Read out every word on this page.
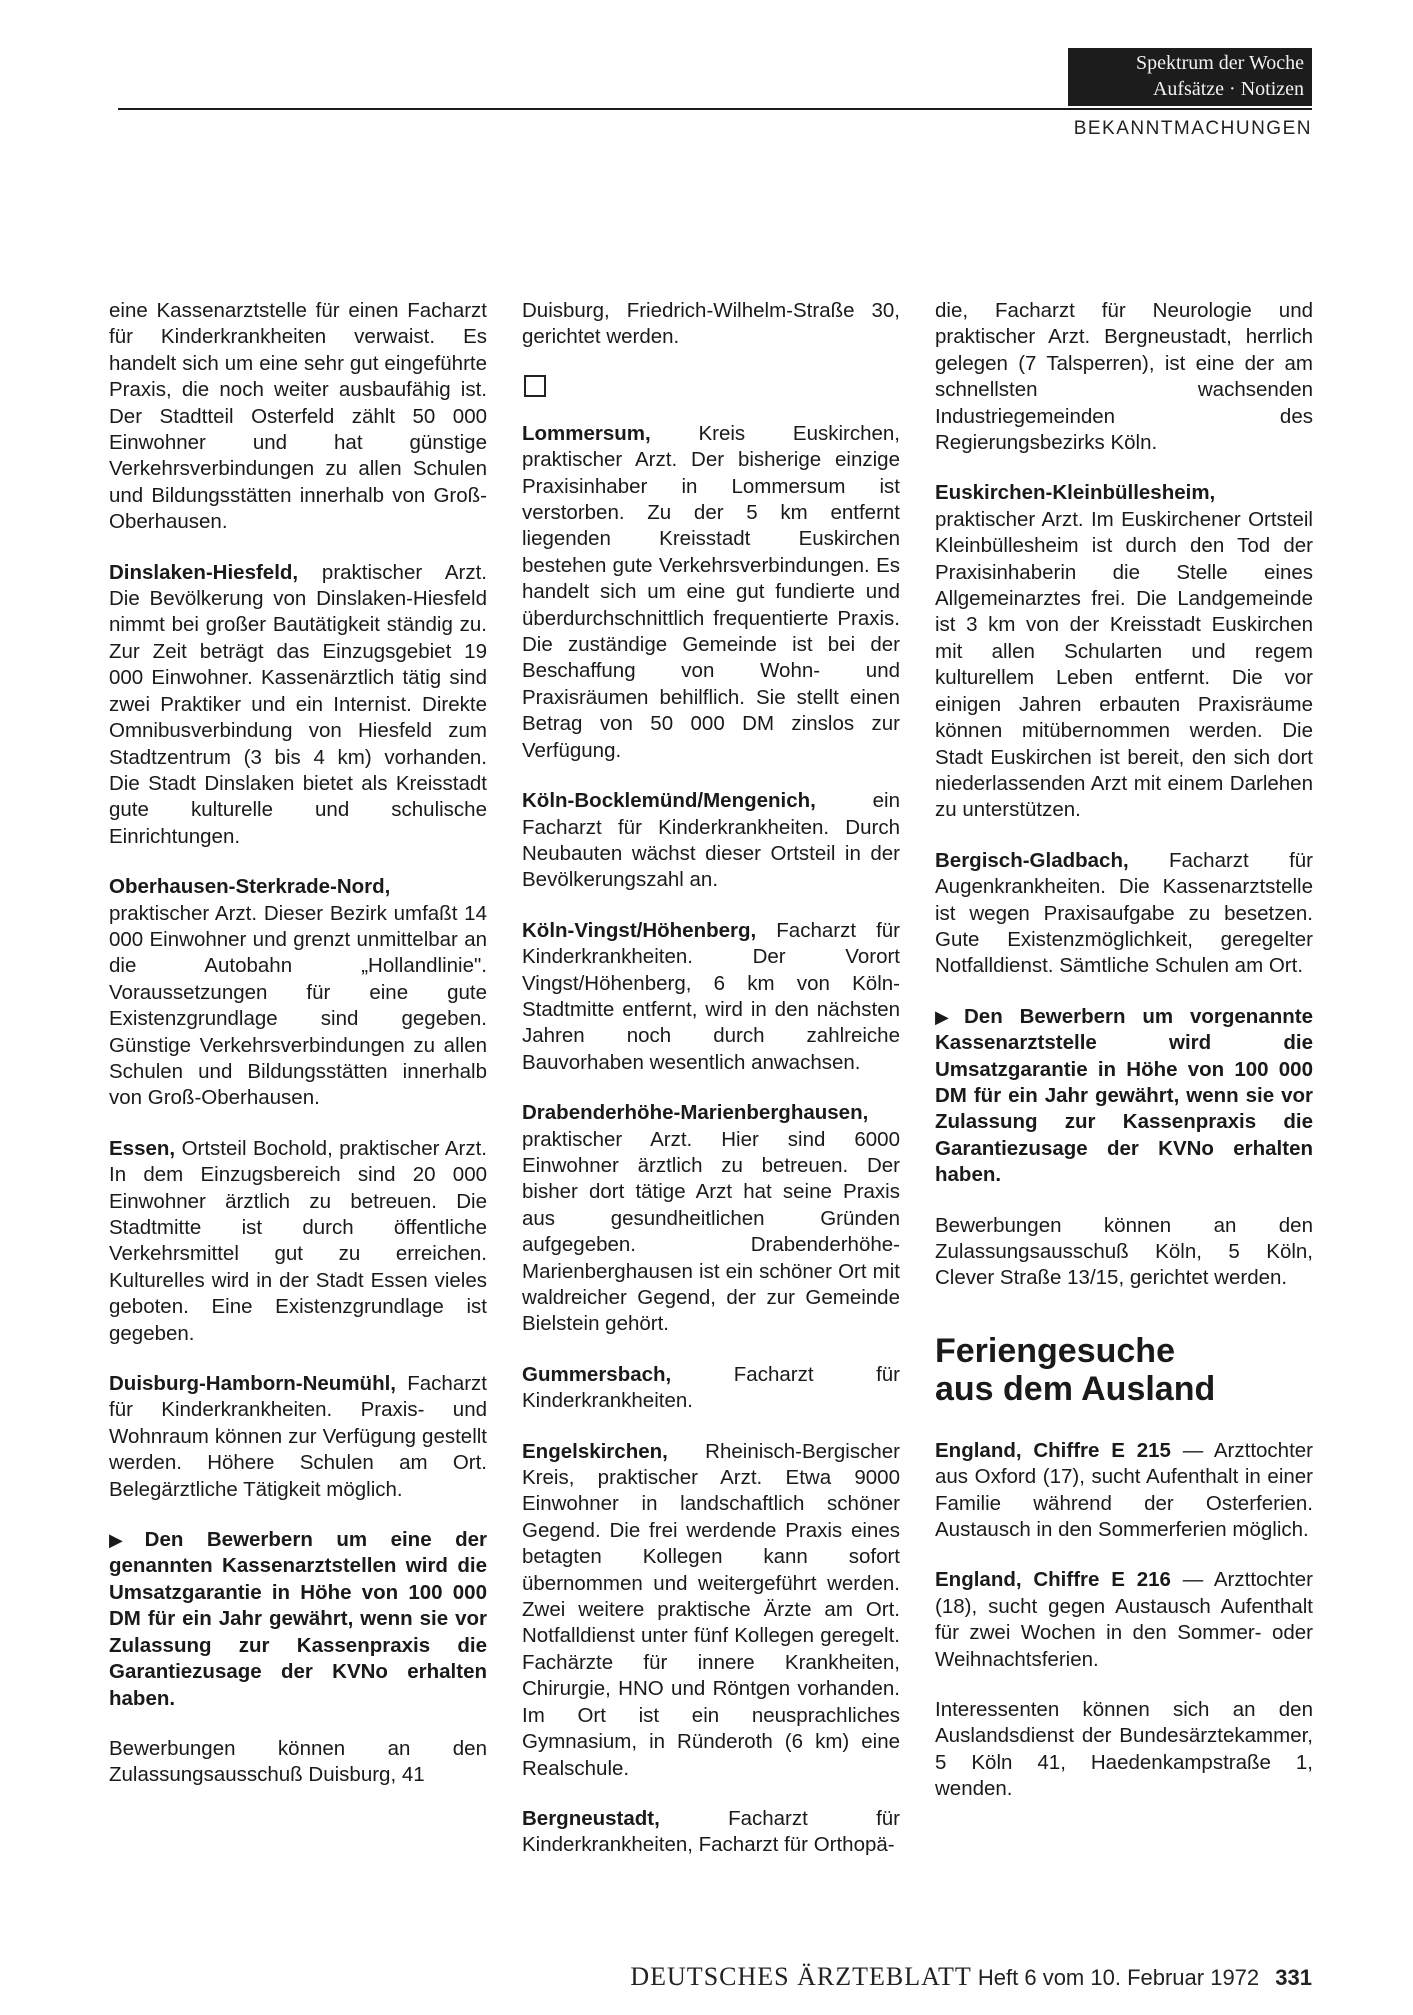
Spektrum der Woche
Aufsätze · Notizen
BEKANNTMACHUNGEN

eine Kassenarztstelle für einen Facharzt für Kinderkrankheiten verwaist. Es handelt sich um eine sehr gut eingeführte Praxis, die noch weiter ausbaufähig ist. Der Stadtteil Osterfeld zählt 50 000 Einwohner und hat günstige Verkehrsverbindungen zu allen Schulen und Bildungsstätten innerhalb von Groß-Oberhausen.

Dinslaken-Hiesfeld, praktischer Arzt. Die Bevölkerung von Dinslaken-Hiesfeld nimmt bei großer Bautätigkeit ständig zu. Zur Zeit beträgt das Einzugsgebiet 19 000 Einwohner. Kassenärztlich tätig sind zwei Praktiker und ein Internist. Direkte Omnibusverbindung von Hiesfeld zum Stadtzentrum (3 bis 4 km) vorhanden. Die Stadt Dinslaken bietet als Kreisstadt gute kulturelle und schulische Einrichtungen.

Oberhausen-Sterkrade-Nord, praktischer Arzt. Dieser Bezirk umfaßt 14 000 Einwohner und grenzt unmittelbar an die Autobahn „Hollandlinie". Voraussetzungen für eine gute Existenzgrundlage sind gegeben. Günstige Verkehrsverbindungen zu allen Schulen und Bildungsstätten innerhalb von Groß-Oberhausen.

Essen, Ortsteil Bochold, praktischer Arzt. In dem Einzugsbereich sind 20 000 Einwohner ärztlich zu betreuen. Die Stadtmitte ist durch öffentliche Verkehrsmittel gut zu erreichen. Kulturelles wird in der Stadt Essen vieles geboten. Eine Existenzgrundlage ist gegeben.

Duisburg-Hamborn-Neumühl, Facharzt für Kinderkrankheiten. Praxis- und Wohnraum können zur Verfügung gestellt werden. Höhere Schulen am Ort. Belegärztliche Tätigkeit möglich.

▶ Den Bewerbern um eine der genannten Kassenarztstellen wird die Umsatzgarantie in Höhe von 100 000 DM für ein Jahr gewährt, wenn sie vor Zulassung zur Kassenpraxis die Garantiezusage der KVNo erhalten haben.

Bewerbungen können an den Zulassungsausschuß Duisburg, 41

Duisburg, Friedrich-Wilhelm-Straße 30, gerichtet werden.

Lommersum, Kreis Euskirchen, praktischer Arzt. Der bisherige einzige Praxisinhaber in Lommersum ist verstorben. Zu der 5 km entfernt liegenden Kreisstadt Euskirchen bestehen gute Verkehrsverbindungen. Es handelt sich um eine gut fundierte und überdurchschnittlich frequentierte Praxis. Die zuständige Gemeinde ist bei der Beschaffung von Wohn- und Praxisräumen behilflich. Sie stellt einen Betrag von 50 000 DM zinslos zur Verfügung.

Köln-Bocklemünd/Mengenich, ein Facharzt für Kinderkrankheiten. Durch Neubauten wächst dieser Ortsteil in der Bevölkerungszahl an.

Köln-Vingst/Höhenberg, Facharzt für Kinderkrankheiten. Der Vorort Vingst/Höhenberg, 6 km von Köln-Stadtmitte entfernt, wird in den nächsten Jahren noch durch zahlreiche Bauvorhaben wesentlich anwachsen.

Drabenderhöhe-Marienberghausen, praktischer Arzt. Hier sind 6000 Einwohner ärztlich zu betreuen. Der bisher dort tätige Arzt hat seine Praxis aus gesundheitlichen Gründen aufgegeben. Drabenderhöhe-Marienberghausen ist ein schöner Ort mit waldreicher Gegend, der zur Gemeinde Bielstein gehört.

Gummersbach, Facharzt für Kinderkrankheiten.

Engelskirchen, Rheinisch-Bergischer Kreis, praktischer Arzt. Etwa 9000 Einwohner in landschaftlich schöner Gegend. Die frei werdende Praxis eines betagten Kollegen kann sofort übernommen und weitergeführt werden. Zwei weitere praktische Ärzte am Ort. Notfalldienst unter fünf Kollegen geregelt. Fachärzte für innere Krankheiten, Chirurgie, HNO und Röntgen vorhanden. Im Ort ist ein neusprachliches Gymnasium, in Ründeroth (6 km) eine Realschule.

Bergneustadt, Facharzt für Kinderkrankheiten, Facharzt für Orthopä-

die, Facharzt für Neurologie und praktischer Arzt. Bergneustadt, herrlich gelegen (7 Talsperren), ist eine der am schnellsten wachsenden Industriegemeinden des Regierungsbezirks Köln.

Euskirchen-Kleinbüllesheim, praktischer Arzt. Im Euskirchener Ortsteil Kleinbüllesheim ist durch den Tod der Praxisinhaberin die Stelle eines Allgemeinarztes frei. Die Landgemeinde ist 3 km von der Kreisstadt Euskirchen mit allen Schularten und regem kulturellem Leben entfernt. Die vor einigen Jahren erbauten Praxisräume können mitübernommen werden. Die Stadt Euskirchen ist bereit, den sich dort niederlassenden Arzt mit einem Darlehen zu unterstützen.

Bergisch-Gladbach, Facharzt für Augenkrankheiten. Die Kassenarztstelle ist wegen Praxisaufgabe zu besetzen. Gute Existenzmöglichkeit, geregelter Notfalldienst. Sämtliche Schulen am Ort.

▶ Den Bewerbern um vorgenannte Kassenarztstelle wird die Umsatzgarantie in Höhe von 100 000 DM für ein Jahr gewährt, wenn sie vor Zulassung zur Kassenpraxis die Garantiezusage der KVNo erhalten haben.

Bewerbungen können an den Zulassungsausschuß Köln, 5 Köln, Clever Straße 13/15, gerichtet werden.

Feriengesuche
aus dem Ausland

England, Chiffre E 215 — Arzttochter aus Oxford (17), sucht Aufenthalt in einer Familie während der Osterferien. Austausch in den Sommerferien möglich.

England, Chiffre E 216 — Arzttochter (18), sucht gegen Austausch Aufenthalt für zwei Wochen in den Sommer- oder Weihnachtsferien.

Interessenten können sich an den Auslandsdienst der Bundesärztekammer, 5 Köln 41, Haedenkampstraße 1, wenden.

DEUTSCHES ÄRZTEBLATT Heft 6 vom 10. Februar 1972 331
